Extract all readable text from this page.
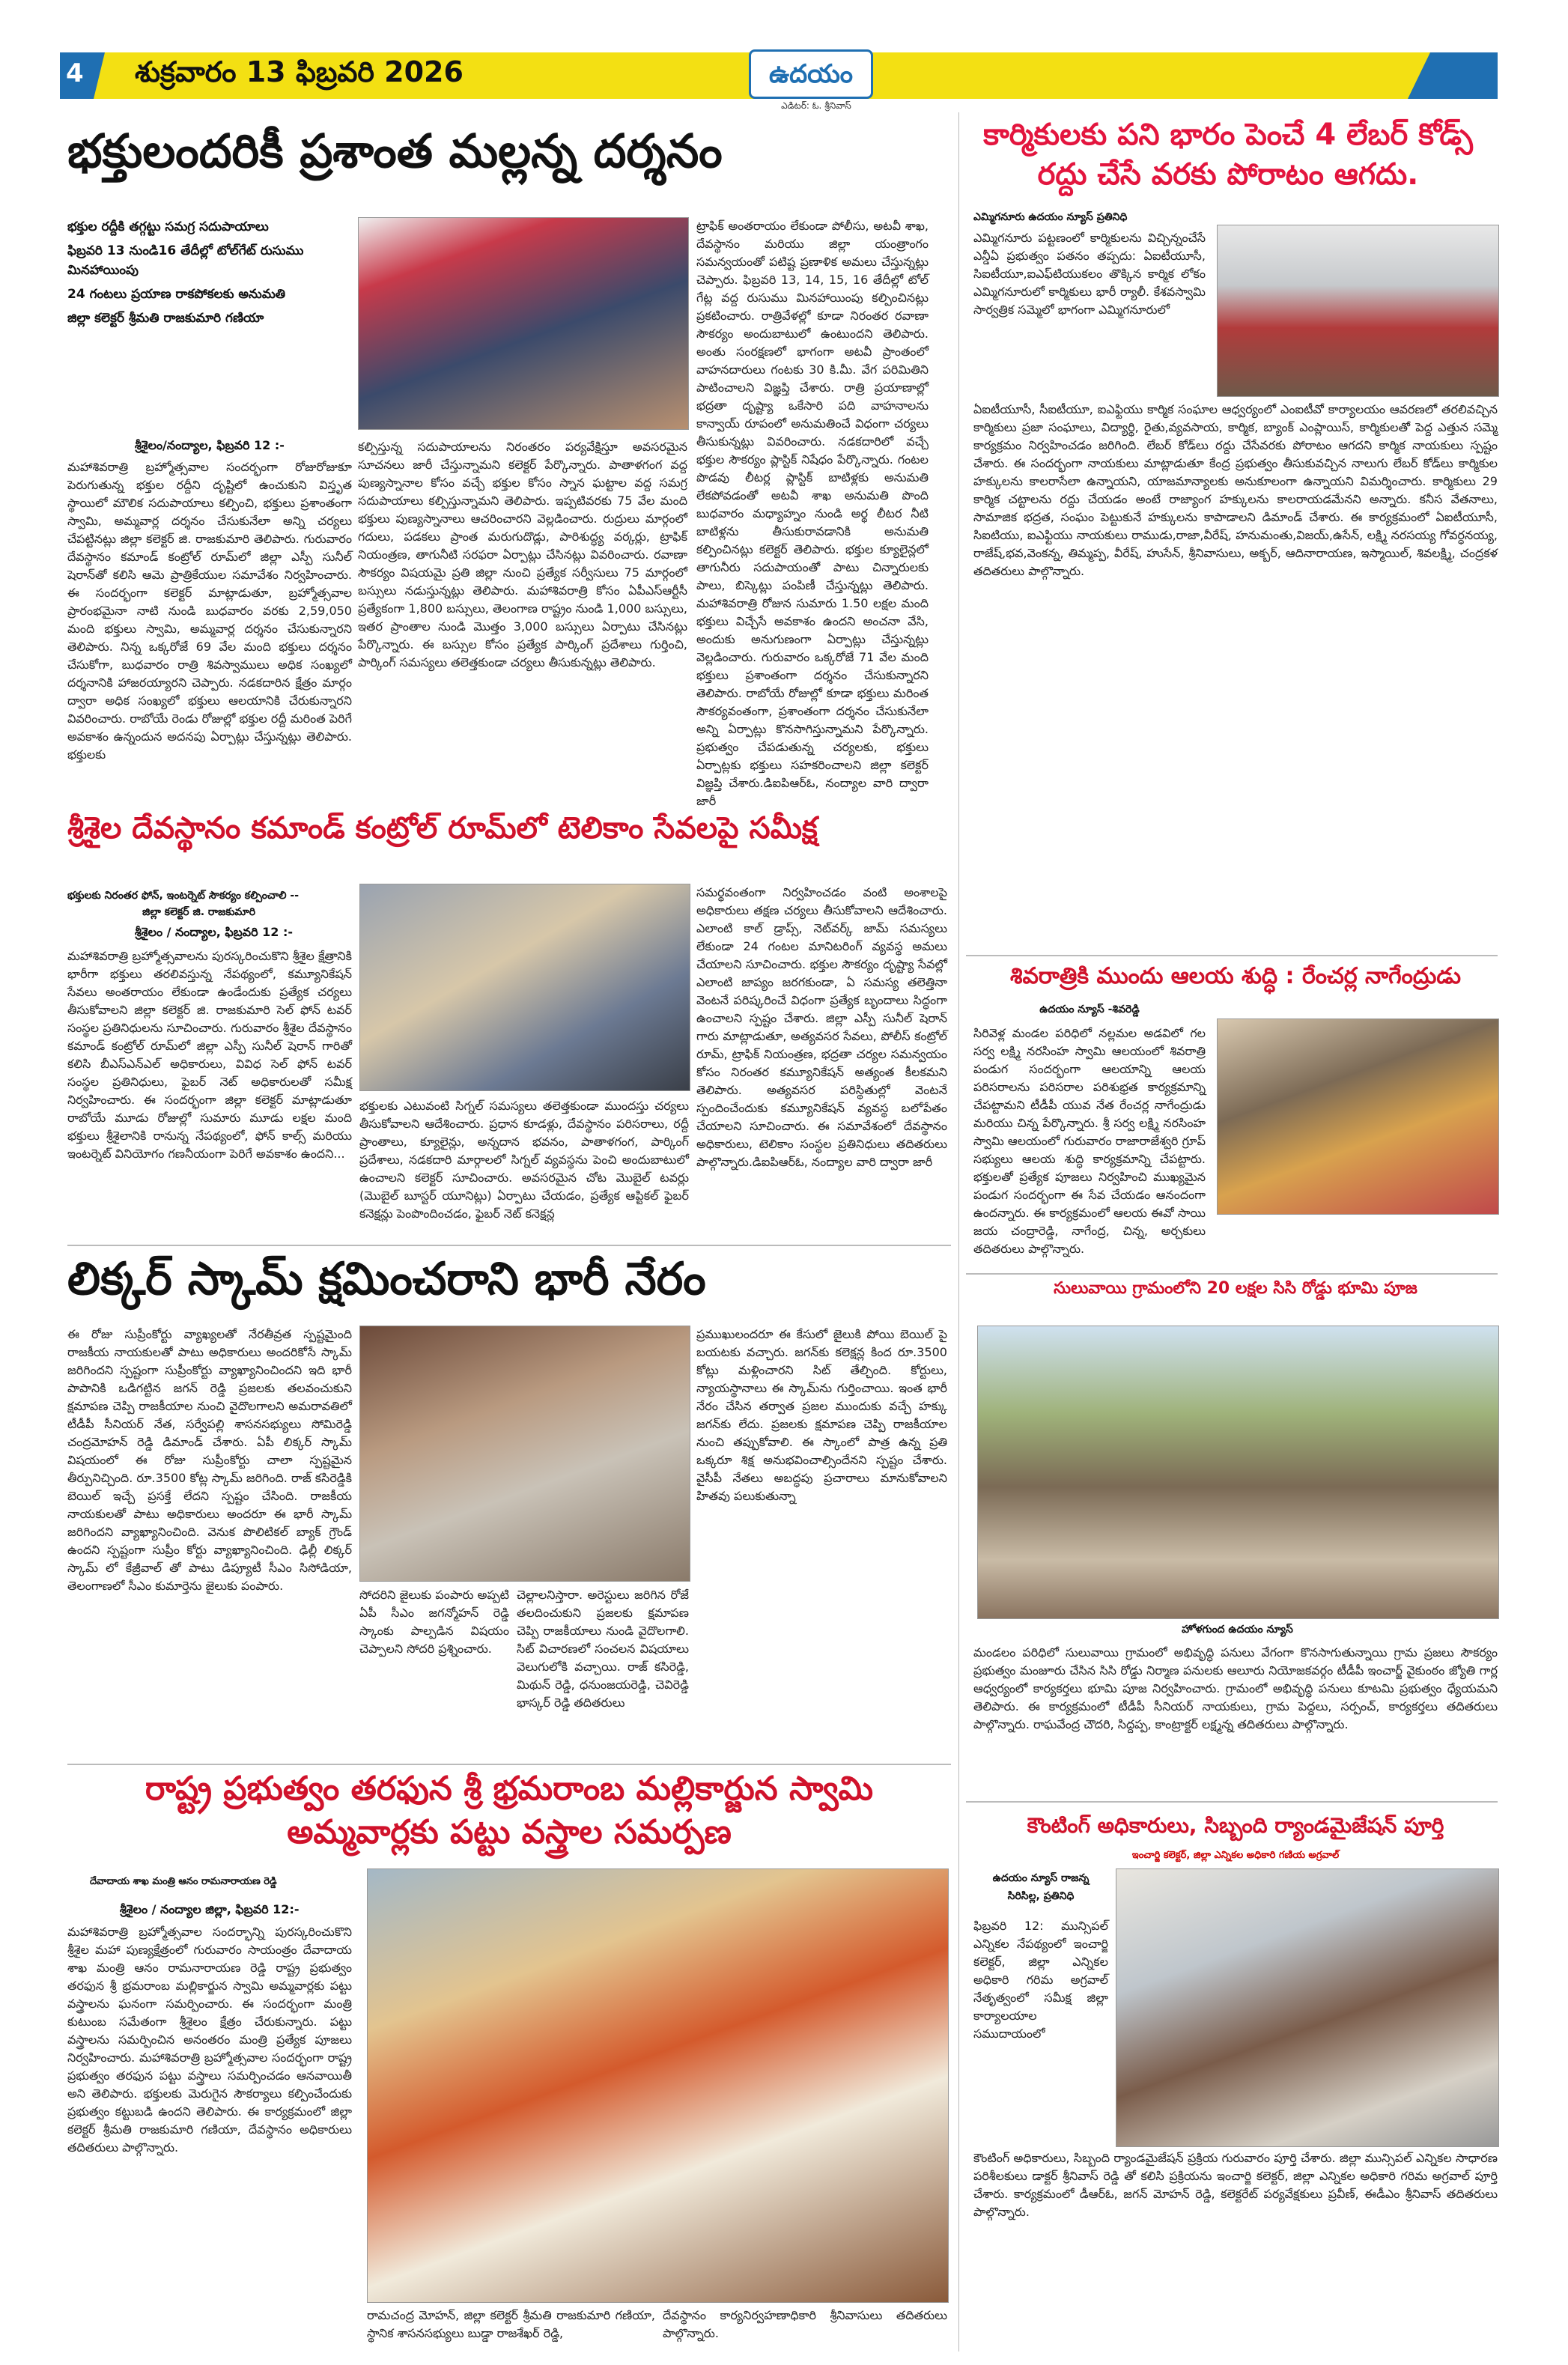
4 శుక్రవారం 13 ఫిబ్రవరి 2026	ఉదయం
ఎడిటర్: ఓ. శ్రీనివాస్
భక్తులందరికీ ప్రశాంత మల్లన్న దర్శనం
భక్తుల రద్దీకి తగ్గట్టు సమగ్ర సదుపాయాలు
ఫిబ్రవరి 13 నుండి16 తేదీల్లో టోల్‌గేట్ రుసుము మినహాయింపు
24 గంటలు ప్రయాణ రాకపోకలకు అనుమతి
జిల్లా కలెక్టర్ శ్రీమతి రాజకుమారి గణియా
ట్రాఫిక్ అంతరాయం లేకుండా పోలీసు, అటవీ శాఖ, దేవస్థానం మరియు జిల్లా యంత్రాంగం సమన్వయంతో పటిష్ట ప్రణాళిక అమలు చేస్తున్నట్లు చెప్పారు. ఫిబ్రవరి 13, 14, 15, 16 తేదీల్లో టోల్ గేట్ల వద్ద రుసుము మినహాయింపు కల్పించినట్లు ప్రకటించారు. రాత్రివేళల్లో కూడా నిరంతర రవాణా సౌకర్యం అందుబాటులో ఉంటుందని తెలిపారు. అంతు సంరక్షణలో భాగంగా అటవీ ప్రాంతంలో వాహనదారులు గంటకు 30 కి.మీ. వేగ పరిమితిని పాటించాలని విజ్ఞప్తి చేశారు. రాత్రి ప్రయాణాల్లో భద్రతా దృష్ట్యా ఒకేసారి పది వాహనాలను కాన్వాయ్ రూపంలో అనుమతించే విధంగా చర్యలు తీసుకున్నట్లు వివరించారు. నడకదారిలో వచ్చే భక్తుల సౌకర్యం ప్లాస్టిక్ నిషేధం పేర్కొన్నారు. గంటల పొడవు లీటర్ల ప్లాస్టిక్ బాటిళ్లకు అనుమతి లేకపోవడంతో అటవీ శాఖ అనుమతి పొంది బుధవారం మధ్యాహ్నం నుండి అర్థ లీటర నీటి బాటిళ్లను తీసుకురావడానికి అనుమతి కల్పించినట్లు కలెక్టర్ తెలిపారు. భక్తుల క్యూలైన్లలో తాగునీరు సదుపాయంతో పాటు చిన్నారులకు పాలు, బిస్కెట్లు పంపిణీ చేస్తున్నట్లు తెలిపారు. మహాశివరాత్రి రోజున సుమారు 1.50 లక్షల మంది భక్తులు విచ్చేసే అవకాశం ఉందని అంచనా వేసి, అందుకు అనుగుణంగా ఏర్పాట్లు చేస్తున్నట్లు వెల్లడించారు. గురువారం ఒక్కరోజే 71 వేల మంది భక్తులు ప్రశాంతంగా దర్శనం చేసుకున్నారని తెలిపారు. రాబోయే రోజుల్లో కూడా భక్తులు మరింత సౌకర్యవంతంగా, ప్రశాంతంగా దర్శనం చేసుకునేలా అన్ని ఏర్పాట్లు కొనసాగిస్తున్నామని పేర్కొన్నారు. ప్రభుత్వం చేపడుతున్న చర్యలకు, భక్తులు ఏర్పాట్లకు భక్తులు సహకరించాలని జిల్లా కలెక్టర్ విజ్ఞప్తి చేశారు.డిఐపిఆర్ఓ, నంద్యాల వారి ద్వారా జారీ
శ్రీశైలం/నంద్యాల, ఫిబ్రవరి 12 :-
మహాశివరాత్రి బ్రహ్మోత్సవాల సందర్భంగా రోజురోజుకూ పెరుగుతున్న భక్తుల రద్దీని దృష్టిలో ఉంచుకుని విస్తృత స్థాయిలో మౌలిక సదుపాయాలు కల్పించి, భక్తులు ప్రశాంతంగా స్వామి, అమ్మవార్ల దర్శనం చేసుకునేలా అన్ని చర్యలు చేపట్టినట్లు జిల్లా కలెక్టర్ జి. రాజకుమారి తెలిపారు. గురువారం దేవస్థానం కమాండ్ కంట్రోల్ రూమ్‌లో జిల్లా ఎస్పీ సునీల్ షెరాన్‌తో కలిసి ఆమె ప్రాత్రికేయుల సమావేశం నిర్వహించారు. ఈ సందర్భంగా కలెక్టర్ మాట్లాడుతూ, బ్రహ్మోత్సవాల ప్రారంభమైనా నాటి నుండి బుధవారం వరకు 2,59,050 మంది భక్తులు స్వామి, అమ్మవార్ల దర్శనం చేసుకున్నారని తెలిపారు. నిన్న ఒక్కరోజే 69 వేల మంది భక్తులు దర్శనం చేసుకోగా, బుధవారం రాత్రి శివస్వాములు అధిక సంఖ్యలో దర్శనానికి హాజరయ్యారని చెప్పారు. నడకదారిన క్షేత్రం మార్గం ద్వారా అధిక సంఖ్యలో భక్తులు ఆలయానికి చేరుకున్నారని వివరించారు. రాబోయే రెండు రోజుల్లో భక్తుల రద్దీ మరింత పెరిగే అవకాశం ఉన్నందున అదనపు ఏర్పాట్లు చేస్తున్నట్లు తెలిపారు. భక్తులకు
కల్పిస్తున్న సదుపాయాలను నిరంతరం పర్యవేక్షిస్తూ అవసరమైన సూచనలు జారీ చేస్తున్నామని కలెక్టర్ పేర్కొన్నారు. పాతాళగంగ వద్ద పుణ్యస్నానాల కోసం వచ్చే భక్తుల కోసం స్నాన ఘట్టాల వద్ద సమగ్ర సదుపాయాలు కల్పిస్తున్నామని తెలిపారు. ఇప్పటివరకు 75 వేల మంది భక్తులు పుణ్యస్నానాలు ఆచరించారని వెల్లడించారు. రుద్రులు మార్గంలో గదులు, పడకలు ప్రాంత మరుగుదొడ్లు, పారిశుద్ధ్య వర్కర్లు, ట్రాఫిక్ నియంత్రణ, తాగునీటి సరఫరా ఏర్పాట్లు చేసినట్లు వివరించారు. రవాణా సౌకర్యం విషయమై ప్రతి జిల్లా నుంచి ప్రత్యేక సర్వీసులు 75 మార్గంలో బస్సులు నడుస్తున్నట్లు తెలిపారు. మహాశివరాత్రి కోసం ఏపీఎస్ఆర్టీసీ ప్రత్యేకంగా 1,800 బస్సులు, తెలంగాణ రాష్ట్రం నుండి 1,000 బస్సులు, ఇతర ప్రాంతాల నుండి మొత్తం 3,000 బస్సులు ఏర్పాటు చేసినట్లు పేర్కొన్నారు. ఈ బస్సుల కోసం ప్రత్యేక పార్కింగ్ ప్రదేశాలు గుర్తించి, పార్కింగ్ సమస్యలు తలెత్తకుండా చర్యలు తీసుకున్నట్లు తెలిపారు.
కార్మికులకు పని భారం పెంచే 4 లేబర్ కోడ్స్
రద్దు చేసే వరకు పోరాటం ఆగదు.
ఎమ్మిగనూరు ఉదయం న్యూస్ ప్రతినిధి
ఎమ్మిగనూరు పట్టణంలో కార్మికులను విచ్చిన్నంచేసే ఎన్డీఏ ప్రభుత్వం పతనం తప్పదు: ఏఐటీయూసీ, సిఐటీయూ,ఐఎఫ్‌టియుకలం తొక్కిన కార్మిక లోకం ఎమ్మిగనూరులో కార్మికులు భారీ ర్యాలీ. కేశవస్వామి సార్వత్రిక సమ్మెలో భాగంగా ఎమ్మిగనూరులో
ఏఐటీయూసీ, సీఐటీయూ, ఐఎఫ్టియు కార్మిక సంఘాల ఆధ్వర్యంలో ఎంఐటీవో కార్యాలయం ఆవరణలో తరలివచ్చిన కార్మికులు ప్రజా సంఘాలు, విద్యార్థి, రైతు,వ్యవసాయ, కార్మిక, బ్యాంక్ ఎంప్లాయిస్, కార్మికులతో పెద్ద ఎత్తున సమ్మె కార్యక్రమం నిర్వహించడం జరిగింది. లేబర్ కోడ్‌లు రద్దు చేసేవరకు పోరాటం ఆగదని కార్మిక నాయకులు స్పష్టం చేశారు. ఈ సందర్భంగా నాయకులు మాట్లాడుతూ కేంద్ర ప్రభుత్వం తీసుకువచ్చిన నాలుగు లేబర్ కోడ్‌లు కార్మికుల హక్కులను కాలరాసేలా ఉన్నాయని, యాజమాన్యాలకు అనుకూలంగా ఉన్నాయని విమర్శించారు. కార్మికులు 29 కార్మిక చట్టాలను రద్దు చేయడం అంటే రాజ్యాంగ హక్కులను కాలరాయడమేనని అన్నారు. కనీస వేతనాలు, సామాజిక భద్రత, సంఘం పెట్టుకునే హక్కులను కాపాడాలని డిమాండ్ చేశారు. ఈ కార్యక్రమంలో ఏఐటీయూసీ, సిఐటియు, ఐఎఫ్టియు నాయకులు రాముడు,రాజా,వీరేష్, హనుమంతు,విజయ్,ఉసేన్, లక్ష్మి నరసయ్య గోవర్ధనయ్య, రాజేష్,భవ,వెంకన్న, తిమ్మప్ప, వీరేష్, హుసేన్, శ్రీనివాసులు, అక్బర్, ఆదినారాయణ, ఇస్మాయిల్, శివలక్ష్మి, చంద్రకళ తదితరులు పాల్గొన్నారు.
శ్రీశైల దేవస్థానం కమాండ్ కంట్రోల్ రూమ్‌లో టెలికాం సేవలపై సమీక్ష
భక్తులకు నిరంతర ఫోన్, ఇంటర్నెట్ సౌకర్యం కల్పించాలి --
జిల్లా కలెక్టర్ జి. రాజకుమారి
శ్రీశైలం / నంద్యాల, ఫిబ్రవరి 12 :-
మహాశివరాత్రి బ్రహ్మోత్సవాలను పురస్కరించుకొని శ్రీశైల క్షేత్రానికి భారీగా భక్తులు తరలివస్తున్న నేపథ్యంలో, కమ్యూనికేషన్ సేవలు అంతరాయం లేకుండా ఉండేందుకు ప్రత్యేక చర్యలు తీసుకోవాలని జిల్లా కలెక్టర్ జి. రాజకుమారి సెల్ ఫోన్ టవర్ సంస్థల ప్రతినిధులను సూచించారు. గురువారం శ్రీశైల దేవస్థానం కమాండ్ కంట్రోల్ రూమ్‌లో జిల్లా ఎస్పీ సునీల్ షెరాన్ గారితో కలిసి బీఎస్ఎన్ఎల్ అధికారులు, వివిధ సెల్ ఫోన్ టవర్ సంస్థల ప్రతినిధులు, ఫైబర్ నెట్ అధికారులతో సమీక్ష నిర్వహించారు. ఈ సందర్భంగా జిల్లా కలెక్టర్ మాట్లాడుతూ రాబోయే మూడు రోజుల్లో సుమారు మూడు లక్షల మంది భక్తులు శ్రీశైలానికి రానున్న నేపథ్యంలో, ఫోన్ కాల్స్ మరియు ఇంటర్నెట్ వినియోగం గణనీయంగా పెరిగే అవకాశం ఉందని...
భక్తులకు ఎటువంటి సిగ్నల్ సమస్యలు తలెత్తకుండా ముందస్తు చర్యలు తీసుకోవాలని ఆదేశించారు. ప్రధాన కూడళ్లు, దేవస్థానం పరిసరాలు, రద్దీ ప్రాంతాలు, క్యూలైన్లు, అన్నదాన భవనం, పాతాళగంగ, పార్కింగ్ ప్రదేశాలు, నడకదారి మార్గాలలో సిగ్నల్ వ్యవస్థను పెంచి అందుబాటులో ఉంచాలని కలెక్టర్ సూచించారు. అవసరమైన చోట మొబైల్ టవర్లు (మొబైల్ బూస్టర్ యూనిట్లు) ఏర్పాటు చేయడం, ప్రత్యేక ఆప్టికల్ ఫైబర్ కనెక్షన్లు పెంపొందించడం, ఫైబర్ నెట్ కనెక్షన్ల
సమర్థవంతంగా నిర్వహించడం వంటి అంశాలపై అధికారులు తక్షణ చర్యలు తీసుకోవాలని ఆదేశించారు. ఎలాంటి కాల్ డ్రాప్స్, నెట్‌వర్క్ జామ్ సమస్యలు లేకుండా 24 గంటల మానిటరింగ్ వ్యవస్థ అమలు చేయాలని సూచించారు. భక్తుల సౌకర్యం దృష్ట్యా సేవల్లో ఎలాంటి జాప్యం జరగకుండా, ఏ సమస్య తలెత్తినా వెంటనే పరిష్కరించే విధంగా ప్రత్యేక బృందాలు సిద్ధంగా ఉంచాలని స్పష్టం చేశారు. జిల్లా ఎస్పీ సునీల్ షెరాన్ గారు మాట్లాడుతూ, అత్యవసర సేవలు, పోలీస్ కంట్రోల్ రూమ్, ట్రాఫిక్ నియంత్రణ, భద్రతా చర్యల సమన్వయం కోసం నిరంతర కమ్యూనికేషన్ అత్యంత కీలకమని తెలిపారు. అత్యవసర పరిస్థితుల్లో వెంటనే స్పందించేందుకు కమ్యూనికేషన్ వ్యవస్థ బలోపేతం చేయాలని సూచించారు. ఈ సమావేశంలో దేవస్థానం అధికారులు, టెలికాం సంస్థల ప్రతినిధులు తదితరులు పాల్గొన్నారు.డిఐపిఆర్ఓ, నంద్యాల వారి ద్వారా జారీ
శివరాత్రికి ముందు ఆలయ శుద్ధి : రేంచర్ల నాగేంద్రుడు
ఉదయం న్యూస్ -శివరెడ్డి
సిరివెళ్ల మండల పరిధిలో నల్లమల అడవిలో గల సర్వ లక్ష్మి నరసింహ స్వామి ఆలయంలో శివరాత్రి పండుగ సందర్భంగా ఆలయాన్ని ఆలయ పరిసరాలను పరిసరాల పరిశుభ్రత కార్యక్రమాన్ని చేపట్టామని టీడీపీ యువ నేత రేంచర్ల నాగేంద్రుడు మరియు చిన్న పేర్కొన్నారు. శ్రీ సర్వ లక్ష్మి నరసింహ స్వామి ఆలయంలో గురువారం రాజారాజేశ్వరి గ్రూప్ సభ్యులు ఆలయ శుద్ధి కార్యక్రమాన్ని చేపట్టారు. భక్తులతో ప్రత్యేక పూజలు నిర్వహించి ముఖ్యమైన పండుగ సందర్భంగా ఈ సేవ చేయడం ఆనందంగా ఉందన్నారు. ఈ కార్యక్రమంలో ఆలయ ఈవో సాయి జయ చంద్రారెడ్డి, నాగేంద్ర, చిన్న, అర్చకులు తదితరులు పాల్గొన్నారు.
లిక్కర్ స్కామ్ క్షమించరాని భారీ నేరం
ఈ రోజు సుప్రీంకోర్టు వ్యాఖ్యలతో నేరతీవ్రత స్పష్టమైంది రాజకీయ నాయకులతో పాటు అధికారులు అందరికోసే స్కామ్ జరిగిందని స్పష్టంగా సుప్రీంకోర్టు వ్యాఖ్యానించిందని ఇది భారీ పాపానికి ఒడిగట్టిన జగన్ రెడ్డి ప్రజలకు తలవంచుకుని క్షమాపణ చెప్పి రాజకీయాల నుంచి వైదొలగాలని అమరావతిలో టీడీపీ సీనియర్ నేత, సర్వేపల్లి శాసనసభ్యులు సోమిరెడ్డి చంద్రమోహన్ రెడ్డి డిమాండ్ చేశారు. ఏపీ లిక్కర్ స్కామ్ విషయంలో ఈ రోజు సుప్రీంకోర్టు చాలా స్పష్టమైన తీర్పునిచ్చింది. రూ.3500 కోట్ల స్కామ్ జరిగింది. రాజ్ కసిరెడ్డికి బెయిల్ ఇచ్చే ప్రసక్తే లేదని స్పష్టం చేసింది. రాజకీయ నాయకులతో పాటు అధికారులు అందరూ ఈ భారీ స్కామ్ జరిగిందని వ్యాఖ్యానించింది. వెనుక పొలిటికల్ బ్యాక్ గ్రౌండ్ ఉందని స్పష్టంగా సుప్రీం కోర్టు వ్యాఖ్యానించింది. ఢిల్లీ లిక్కర్ స్కామ్ లో కేజ్రీవాల్ తో పాటు డిప్యూటీ సీఎం సిసోడియా, తెలంగాణలో సీఎం కుమార్తెను జైలుకు పంపారు.
సోదరిని జైలుకు పంపారు అప్పటి ఏపీ సీఎం జగన్మోహన్ రెడ్డి స్కాంకు పాల్పడిన విషయం చెప్పాలని సోదరి ప్రశ్నించారు.
చెల్లాలనిస్తారా. అరెస్టులు జరిగిన రోజే తలదించుకుని ప్రజలకు క్షమాపణ చెప్పి రాజకీయాలు నుండి వైదొలగాలి. సిట్ విచారణలో సంచలన విషయాలు వెలుగులోకి వచ్చాయి. రాజ్ కసిరెడ్డి, మిథున్ రెడ్డి, ధనుంజయరెడ్డి, చెవిరెడ్డి భాస్కర్ రెడ్డి తదితరులు
ప్రముఖులందరూ ఈ కేసులో జైలుకి పోయి బెయిల్ పై బయటకు వచ్చారు. జగన్‌కు కలెక్షన్ల కింద రూ.3500 కోట్లు మళ్లించారని సిట్ తేల్చింది. కోర్టులు, న్యాయస్థానాలు ఈ స్కామ్‌ను గుర్తించాయి. ఇంత భారీ నేరం చేసిన తర్వాత ప్రజల ముందుకు వచ్చే హక్కు జగన్‌కు లేదు. ప్రజలకు క్షమాపణ చెప్పి రాజకీయాల నుంచి తప్పుకోవాలి. ఈ స్కాంలో పాత్ర ఉన్న ప్రతి ఒక్కరూ శిక్ష అనుభవించాల్సిందేనని స్పష్టం చేశారు. వైసీపీ నేతలు అబద్ధపు ప్రచారాలు మానుకోవాలని హితవు పలుకుతున్నా
సులువాయి గ్రామంలోని 20 లక్షల సిసి రోడ్డు భూమి పూజ
హోళగుంద ఉదయం న్యూస్
మండలం పరిధిలో సులువాయి గ్రామంలో అభివృద్ధి పనులు వేగంగా కొనసాగుతున్నాయి గ్రామ ప్రజలు సౌకర్యం ప్రభుత్వం మంజూరు చేసిన సిసి రోడ్డు నిర్మాణ పనులకు ఆలూరు నియోజకవర్గం టీడీపీ ఇంచార్జ్ వైకుంఠం జ్యోతి గార్ల ఆధ్వర్యంలో కార్యకర్తలు భూమి పూజ నిర్వహించారు. గ్రామంలో అభివృద్ధి పనులు కూటమి ప్రభుత్వం ధ్యేయమని తెలిపారు. ఈ కార్యక్రమంలో టీడీపీ సీనియర్ నాయకులు, గ్రామ పెద్దలు, సర్పంచ్, కార్యకర్తలు తదితరులు పాల్గొన్నారు. రాఘవేంద్ర చౌదరి, సిద్దప్ప, కాంట్రాక్టర్ లక్ష్మన్న తదితరులు పాల్గొన్నారు.
రాష్ట్ర ప్రభుత్వం తరఫున శ్రీ భ్రమరాంబ మల్లికార్జున స్వామి
అమ్మవార్లకు పట్టు వస్త్రాల సమర్పణ
దేవాదాయ శాఖ మంత్రి ఆనం రామనారాయణ రెడ్డి
శ్రీశైలం / నంద్యాల జిల్లా, ఫిబ్రవరి 12:-
మహాశివరాత్రి బ్రహ్మోత్సవాల సందర్భాన్ని పురస్కరించుకొని శ్రీశైల మహా పుణ్యక్షేత్రంలో గురువారం సాయంత్రం దేవాదాయ శాఖ మంత్రి ఆనం రామనారాయణ రెడ్డి రాష్ట్ర ప్రభుత్వం తరఫున శ్రీ భ్రమరాంబ మల్లికార్జున స్వామి అమ్మవార్లకు పట్టు వస్త్రాలను ఘనంగా సమర్పించారు. ఈ సందర్భంగా మంత్రి కుటుంబ సమేతంగా శ్రీశైలం క్షేత్రం చేరుకున్నారు. పట్టు వస్త్రాలను సమర్పించిన అనంతరం మంత్రి ప్రత్యేక పూజలు నిర్వహించారు. మహాశివరాత్రి బ్రహ్మోత్సవాల సందర్భంగా రాష్ట్ర ప్రభుత్వం తరఫున పట్టు వస్త్రాలు సమర్పించడం ఆనవాయితీ అని తెలిపారు. భక్తులకు మెరుగైన సౌకర్యాలు కల్పించేందుకు ప్రభుత్వం కట్టుబడి ఉందని తెలిపారు. ఈ కార్యక్రమంలో జిల్లా కలెక్టర్ శ్రీమతి రాజకుమారి గణియా, దేవస్థానం అధికారులు తదితరులు పాల్గొన్నారు.
రామచంద్ర మోహన్, జిల్లా కలెక్టర్ శ్రీమతి రాజకుమారి గణియా, స్థానిక శాసనసభ్యులు బుడ్డా రాజశేఖర్ రెడ్డి,
దేవస్థానం కార్యనిర్వహణాధికారి శ్రీనివాసులు తదితరులు పాల్గొన్నారు.
కౌంటింగ్ అధికారులు, సిబ్బంది ర్యాండమైజేషన్ పూర్తి
ఇంచార్జి కలెక్టర్, జిల్లా ఎన్నికల అధికారి గణియ అగ్రవాల్
ఉదయం న్యూస్ రాజన్న
సిరిసిల్ల, ప్రతినిధి
ఫిబ్రవరి 12: మున్సిపల్ ఎన్నికల నేపథ్యంలో ఇంచార్జి కలెక్టర్, జిల్లా ఎన్నికల అధికారి గరిమ అగ్రవాల్ నేతృత్వంలో సమీక్ష జిల్లా కార్యాలయాల సముదాయంలో
కౌంటింగ్ అధికారులు, సిబ్బంది ర్యాండమైజేషన్ ప్రక్రియ గురువారం పూర్తి చేశారు. జిల్లా మున్సిపల్ ఎన్నికల సాధారణ పరిశీలకులు డాక్టర్ శ్రీనివాస్ రెడ్డి తో కలిసి ప్రక్రియను ఇంచార్జి కలెక్టర్, జిల్లా ఎన్నికల అధికారి గరిమ అగ్రవాల్ పూర్తి చేశారు. కార్యక్రమంలో డీఆర్‌ఓ, జగన్ మోహన్ రెడ్డి, కలెక్టరేట్ పర్యవేక్షకులు ప్రవీణ్, ఈడీఎం శ్రీనివాస్ తదితరులు పాల్గొన్నారు.
